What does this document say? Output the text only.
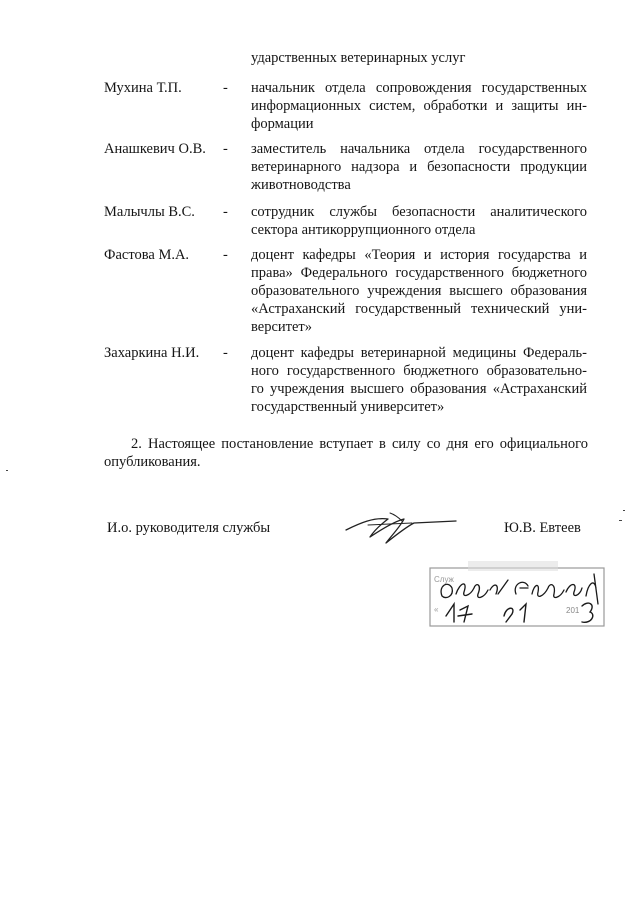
ударственных ветеринарных услуг
Мухина Т.П.	-	начальник отдела сопровождения государственных
информационных систем, обработки и защиты ин-
формации
Анашкевич О.В.	-	заместитель начальника отдела государственного
ветеринарного надзора и безопасности продукции
животноводства
Малычлы В.С.	-	сотрудник службы безопасности аналитического
сектора антикоррупционного отдела
Фастова М.А.	-	доцент кафедры «Теория и история государства и
права» Федерального государственного бюджетного
образовательного учреждения высшего образования
«Астраханский государственный технический уни-
верситет»
Захаркина Н.И.	-	доцент кафедры ветеринарной медицины Федераль-
ного государственного бюджетного образовательно-
го учреждения высшего образования «Астраханский
государственный университет»
2. Настоящее постановление вступает в силу со дня его официального
опубликования.
И.о. руководителя службы	Ю.В. Евтеев
Служ
«	201
